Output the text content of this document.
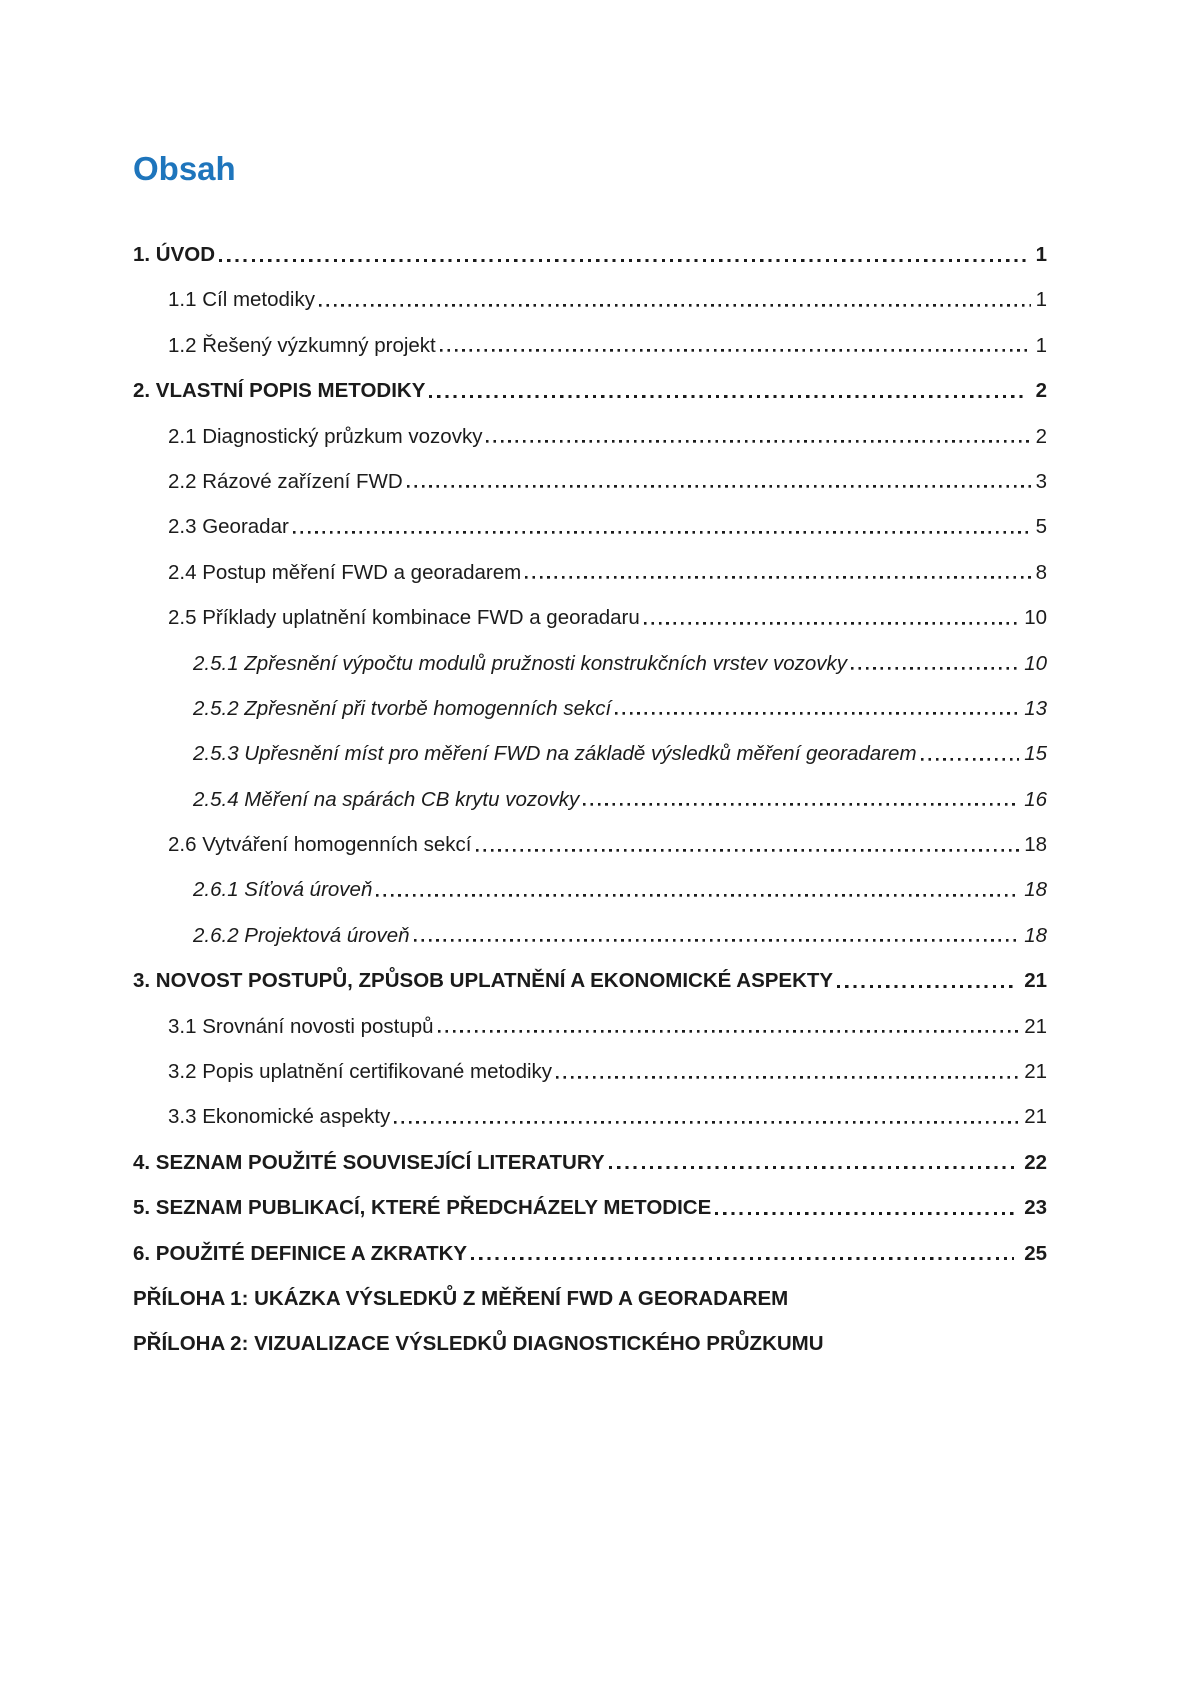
Obsah
1. ÚVOD	1
1.1 Cíl metodiky	1
1.2 Řešený výzkumný projekt	1
2. VLASTNÍ POPIS METODIKY	2
2.1 Diagnostický průzkum vozovky	2
2.2 Rázové zařízení FWD	3
2.3 Georadar	5
2.4 Postup měření FWD a georadarem	8
2.5 Příklady uplatnění kombinace FWD a georadaru	10
2.5.1 Zpřesnění výpočtu modulů pružnosti konstrukčních vrstev vozovky	10
2.5.2 Zpřesnění při tvorbě homogenních sekcí	13
2.5.3 Upřesnění míst pro měření FWD na základě výsledků měření georadarem	15
2.5.4 Měření na spárách CB krytu vozovky	16
2.6 Vytváření homogenních sekcí	18
2.6.1 Síťová úroveň	18
2.6.2 Projektová úroveň	18
3. NOVOST POSTUPŮ, ZPŮSOB UPLATNĚNÍ A EKONOMICKÉ ASPEKTY	21
3.1 Srovnání novosti postupů	21
3.2 Popis uplatnění certifikované metodiky	21
3.3 Ekonomické aspekty	21
4. SEZNAM POUŽITÉ SOUVISEJÍCÍ LITERATURY	22
5. SEZNAM PUBLIKACÍ, KTERÉ PŘEDCHÁZELY METODICE	23
6. POUŽITÉ DEFINICE A ZKRATKY	25
PŘÍLOHA 1: UKÁZKA VÝSLEDKŮ Z MĚŘENÍ FWD A GEORADAREM
PŘÍLOHA 2: VIZUALIZACE VÝSLEDKŮ DIAGNOSTICKÉHO PRŮZKUMU
